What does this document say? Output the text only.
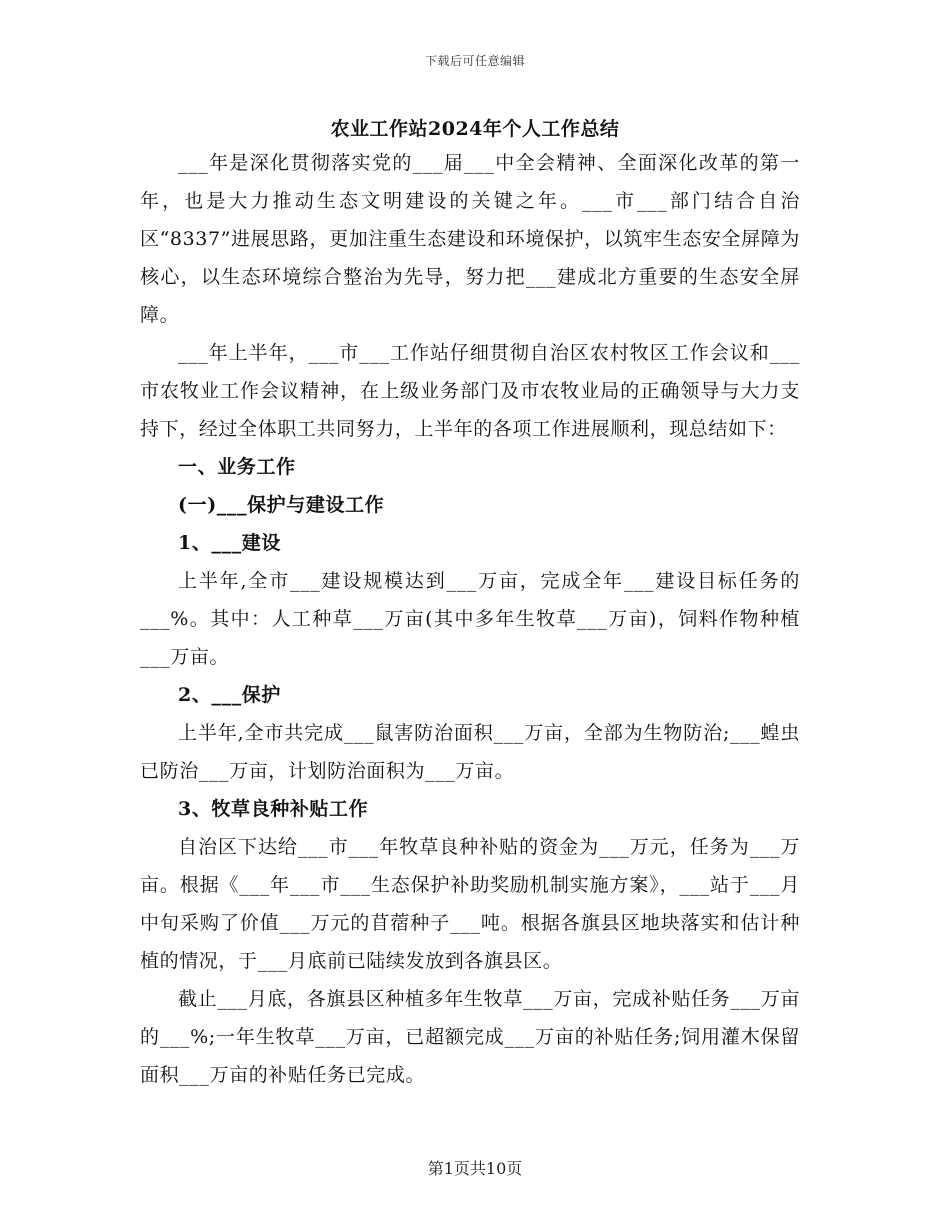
下载后可任意编辑
农业工作站2024年个人工作总结

___年是深化贯彻落实党的___届___中全会精神、全面深化改革的第一年，也是大力推动生态文明建设的关键之年。___市___部门结合自治区“8337”进展思路，更加注重生态建设和环境保护，以筑牢生态安全屏障为核心，以生态环境综合整治为先导，努力把___建成北方重要的生态安全屏障。

___年上半年，___市___工作站仔细贯彻自治区农村牧区工作会议和___市农牧业工作会议精神，在上级业务部门及市农牧业局的正确领导与大力支持下，经过全体职工共同努力，上半年的各项工作进展顺利，现总结如下：

一、业务工作
(一)___保护与建设工作
1、___建设

上半年,全市___建设规模达到___万亩，完成全年___建设目标任务的___%。其中：人工种草___万亩(其中多年生牧草___万亩)，饲料作物种植___万亩。

2、___保护

上半年,全市共完成___鼠害防治面积___万亩，全部为生物防治;___蝗虫已防治___万亩，计划防治面积为___万亩。

3、牧草良种补贴工作

自治区下达给___市___年牧草良种补贴的资金为___万元，任务为___万亩。根据《___年___市___生态保护补助奖励机制实施方案》，___站于___月中旬采购了价值___万元的苜蓿种子___吨。根据各旗县区地块落实和估计种植的情况，于___月底前已陆续发放到各旗县区。

截止___月底，各旗县区种植多年生牧草___万亩，完成补贴任务___万亩的___%;一年生牧草___万亩，已超额完成___万亩的补贴任务;饲用灌木保留面积___万亩的补贴任务已完成。

第1页共10页
